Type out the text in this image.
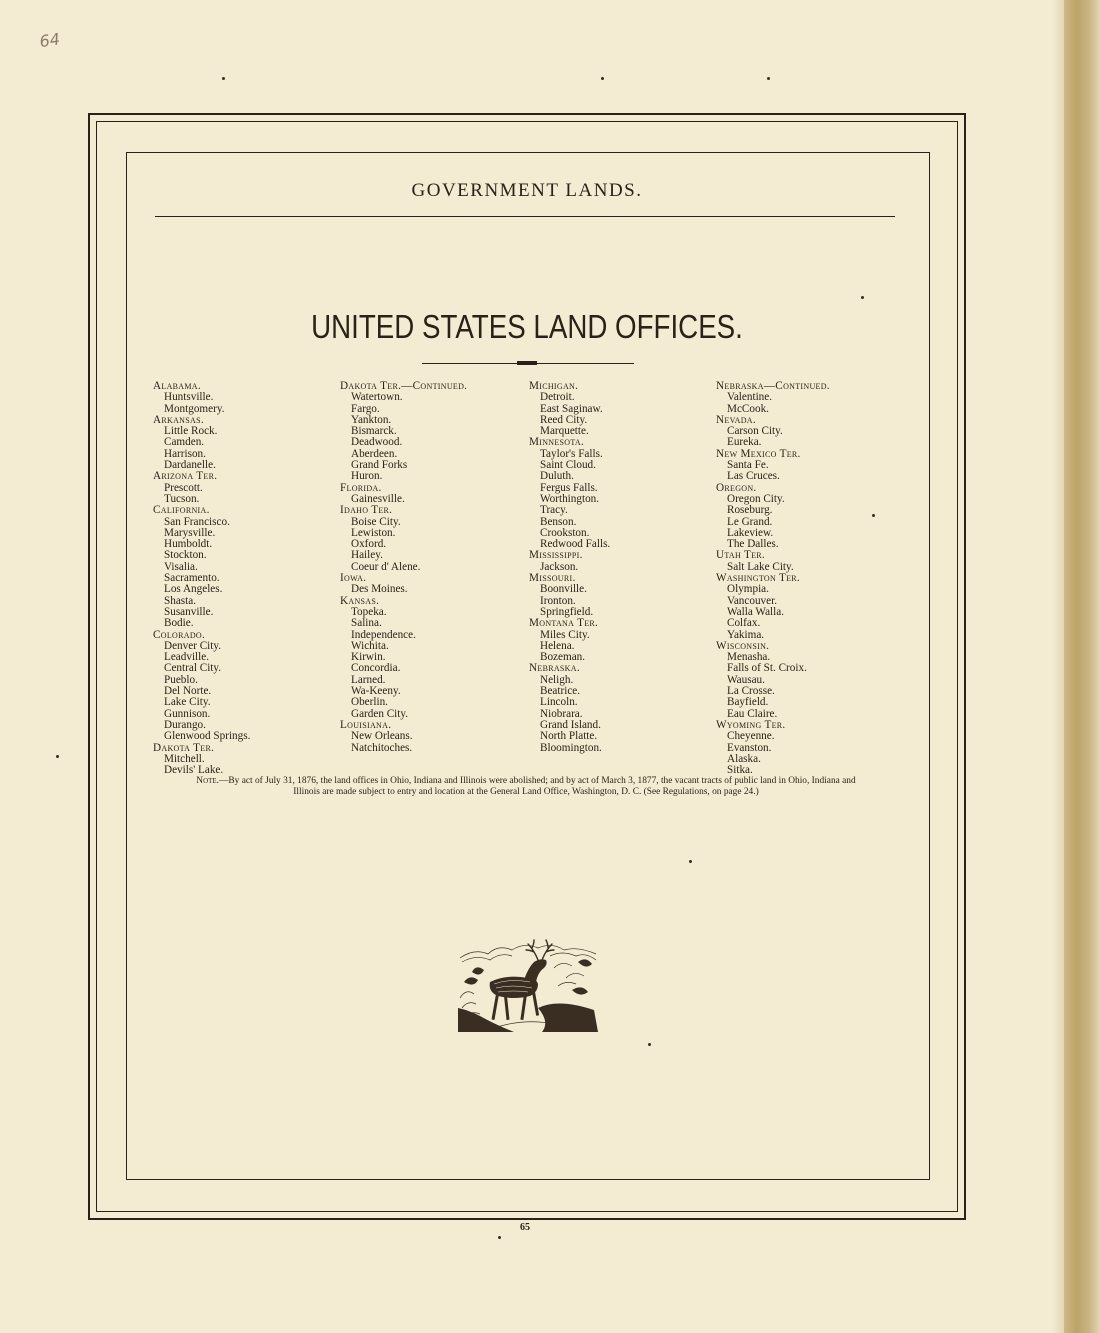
64
GOVERNMENT LANDS.
UNITED STATES LAND OFFICES.
Alabama.
Huntsville.
Montgomery.
Arkansas.
Little Rock.
Camden.
Harrison.
Dardanelle.
Arizona Ter.
Prescott.
Tucson.
California.
San Francisco.
Marysville.
Humboldt.
Stockton.
Visalia.
Sacramento.
Los Angeles.
Shasta.
Susanville.
Bodie.
Colorado.
Denver City.
Leadville.
Central City.
Pueblo.
Del Norte.
Lake City.
Gunnison.
Durango.
Glenwood Springs.
Dakota Ter.
Mitchell.
Devils' Lake.
Dakota Ter.—Continued.
Watertown.
Fargo.
Yankton.
Bismarck.
Deadwood.
Aberdeen.
Grand Forks
Huron.
Florida.
Gainesville.
Idaho Ter.
Boise City.
Lewiston.
Oxford.
Hailey.
Coeur d' Alene.
Iowa.
Des Moines.
Kansas.
Topeka.
Salina.
Independence.
Wichita.
Kirwin.
Concordia.
Larned.
Wa-Keeny.
Oberlin.
Garden City.
Louisiana.
New Orleans.
Natchitoches.
Michigan.
Detroit.
East Saginaw.
Reed City.
Marquette.
Minnesota.
Taylor's Falls.
Saint Cloud.
Duluth.
Fergus Falls.
Worthington.
Tracy.
Benson.
Crookston.
Redwood Falls.
Mississippi.
Jackson.
Missouri.
Boonville.
Ironton.
Springfield.
Montana Ter.
Miles City.
Helena.
Bozeman.
Nebraska.
Neligh.
Beatrice.
Lincoln.
Niobrara.
Grand Island.
North Platte.
Bloomington.
Nebraska—Continued.
Valentine.
McCook.
Nevada.
Carson City.
Eureka.
New Mexico Ter.
Santa Fe.
Las Cruces.
Oregon.
Oregon City.
Roseburg.
Le Grand.
Lakeview.
The Dalles.
Utah Ter.
Salt Lake City.
Washington Ter.
Olympia.
Vancouver.
Walla Walla.
Colfax.
Yakima.
Wisconsin.
Menasha.
Falls of St. Croix.
Wausau.
La Crosse.
Bayfield.
Eau Claire.
Wyoming Ter.
Cheyenne.
Evanston.
Alaska.
Sitka.
Note.—By act of July 31, 1876, the land offices in Ohio, Indiana and Illinois were abolished; and by act of March 3, 1877, the vacant tracts of public land in Ohio, Indiana and
Illinois are made subject to entry and location at the General Land Office, Washington, D. C. (See Regulations, on page 24.)
65
